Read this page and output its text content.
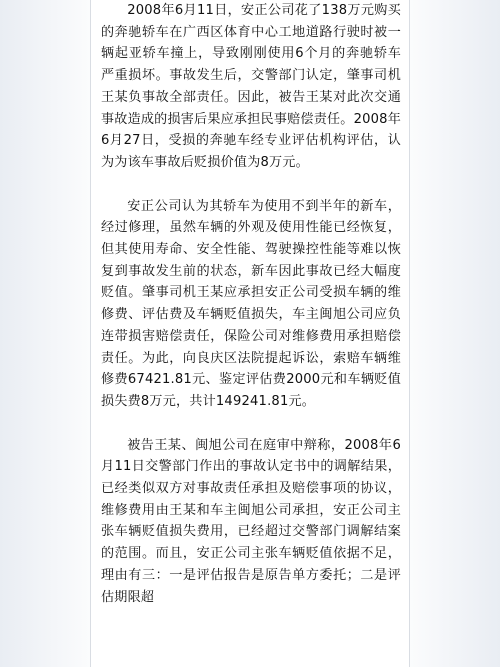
2008年6月11日，安正公司花了138万元购买的奔驰轿车在广西区体育中心工地道路行驶时被一辆起亚轿车撞上，导致刚刚使用6个月的奔驰轿车严重损坏。事故发生后，交警部门认定，肇事司机王某负事故全部责任。因此，被告王某对此次交通事故造成的损害后果应承担民事赔偿责任。2008年6月27日，受损的奔驰车经专业评估机构评估，认为为该车事故后贬损价值为8万元。

安正公司认为其轿车为使用不到半年的新车，经过修理，虽然车辆的外观及使用性能已经恢复，但其使用寿命、安全性能、驾驶操控性能等难以恢复到事故发生前的状态，新车因此事故已经大幅度贬值。肇事司机王某应承担安正公司受损车辆的维修费、评估费及车辆贬值损失，车主闽旭公司应负连带损害赔偿责任，保险公司对维修费用承担赔偿责任。为此，向良庆区法院提起诉讼，索赔车辆维修费67421.81元、鉴定评估费2000元和车辆贬值损失费8万元，共计149241.81元。

被告王某、闽旭公司在庭审中辩称，2008年6月11日交警部门作出的事故认定书中的调解结果，已经类似双方对事故责任承担及赔偿事项的协议，维修费用由王某和车主闽旭公司承担，安正公司主张车辆贬值损失费用，已经超过交警部门调解结案的范围。而且，安正公司主张车辆贬值依据不足，理由有三：一是评估报告是原告单方委托；二是评估期限超
